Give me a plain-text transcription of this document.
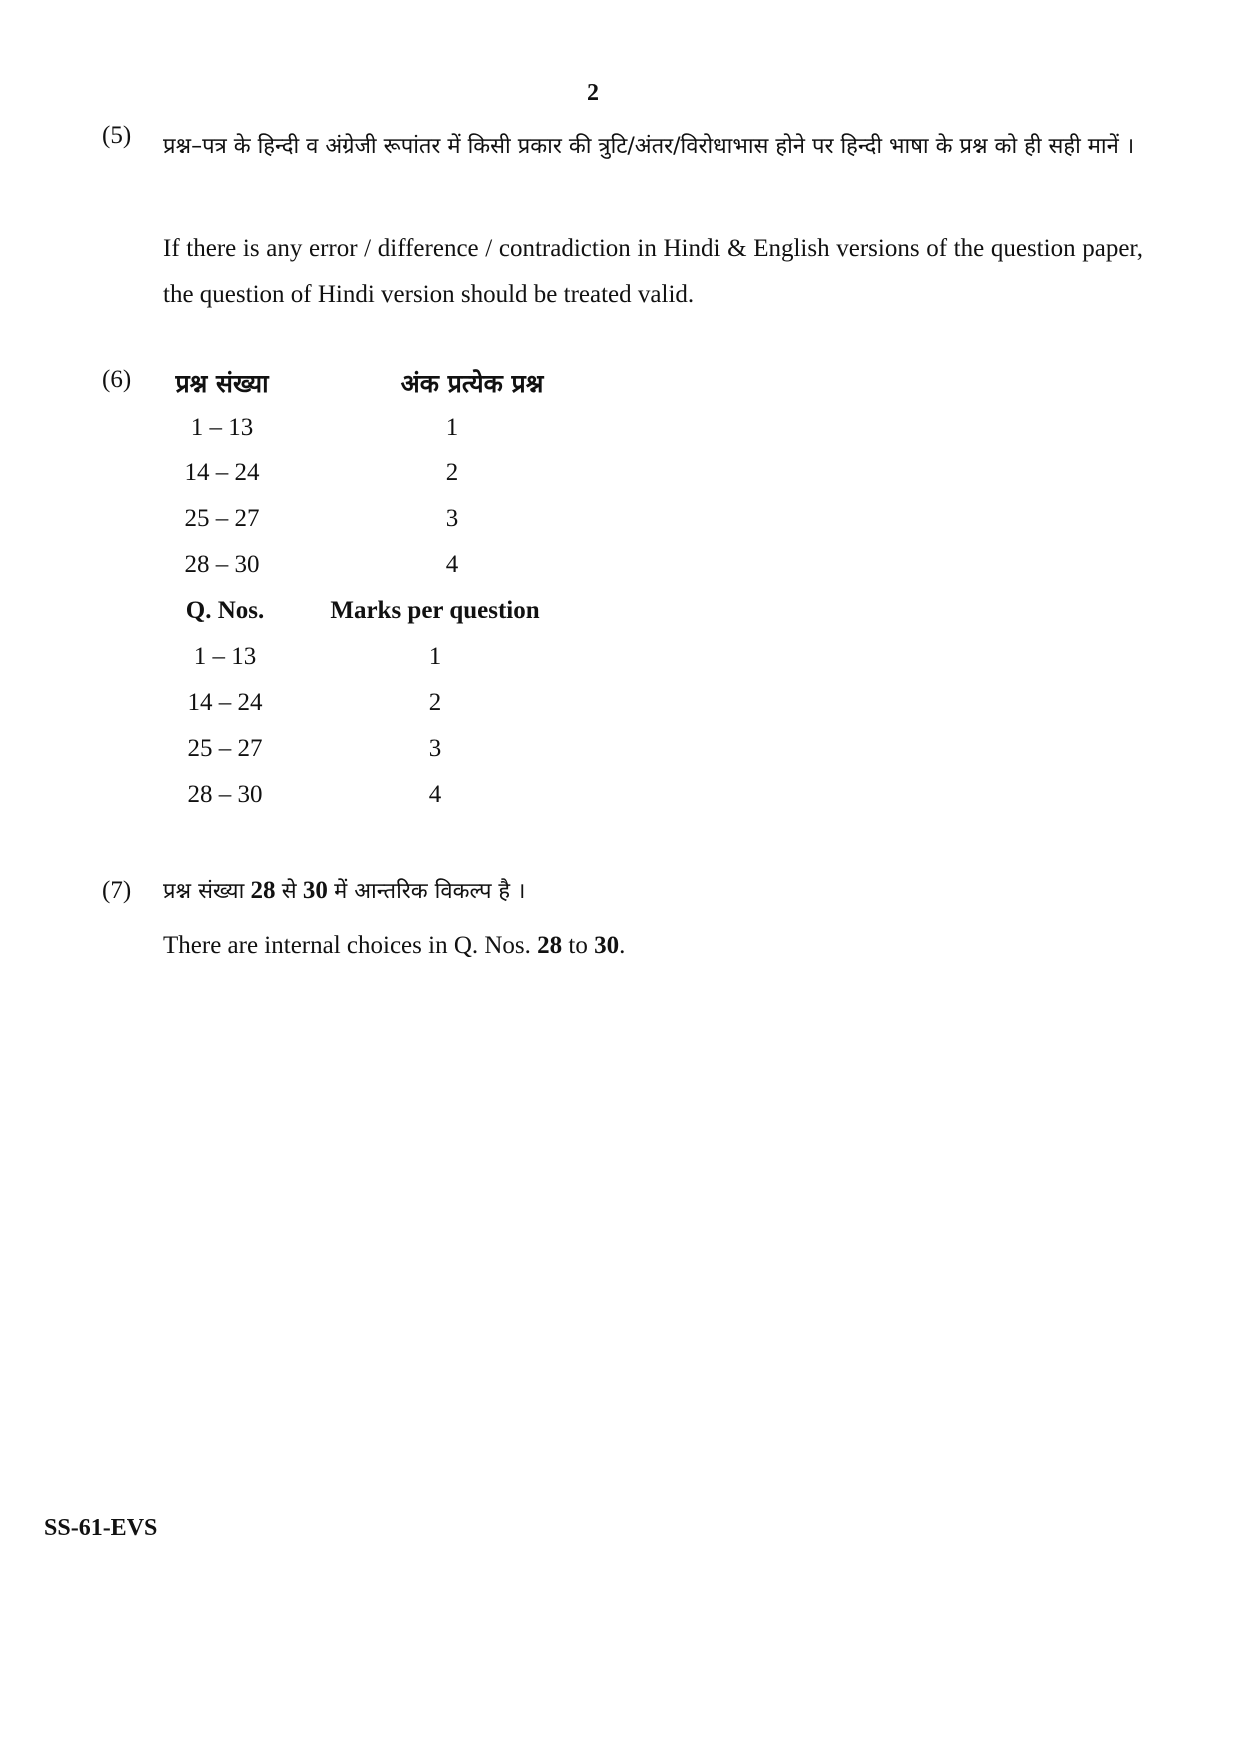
2
(5) प्रश्न–पत्र के हिन्दी व अंग्रेजी रूपांतर में किसी प्रकार की त्रुटि/अंतर/विरोधाभास होने पर हिन्दी भाषा के प्रश्न को ही सही मानें ।
If there is any error / difference / contradiction in Hindi & English versions of the question paper, the question of Hindi version should be treated valid.
(6)	प्रश्न संख्या	अंक प्रत्येक प्रश्न
1 – 13	1
14 – 24	2
25 – 27	3
28 – 30	4
Q. Nos.	Marks per question
1 – 13	1
14 – 24	2
25 – 27	3
28 – 30	4
(7) प्रश्न संख्या 28 से 30 में आन्तरिक विकल्प है ।
There are internal choices in Q. Nos. 28 to 30.
SS-61-EVS
